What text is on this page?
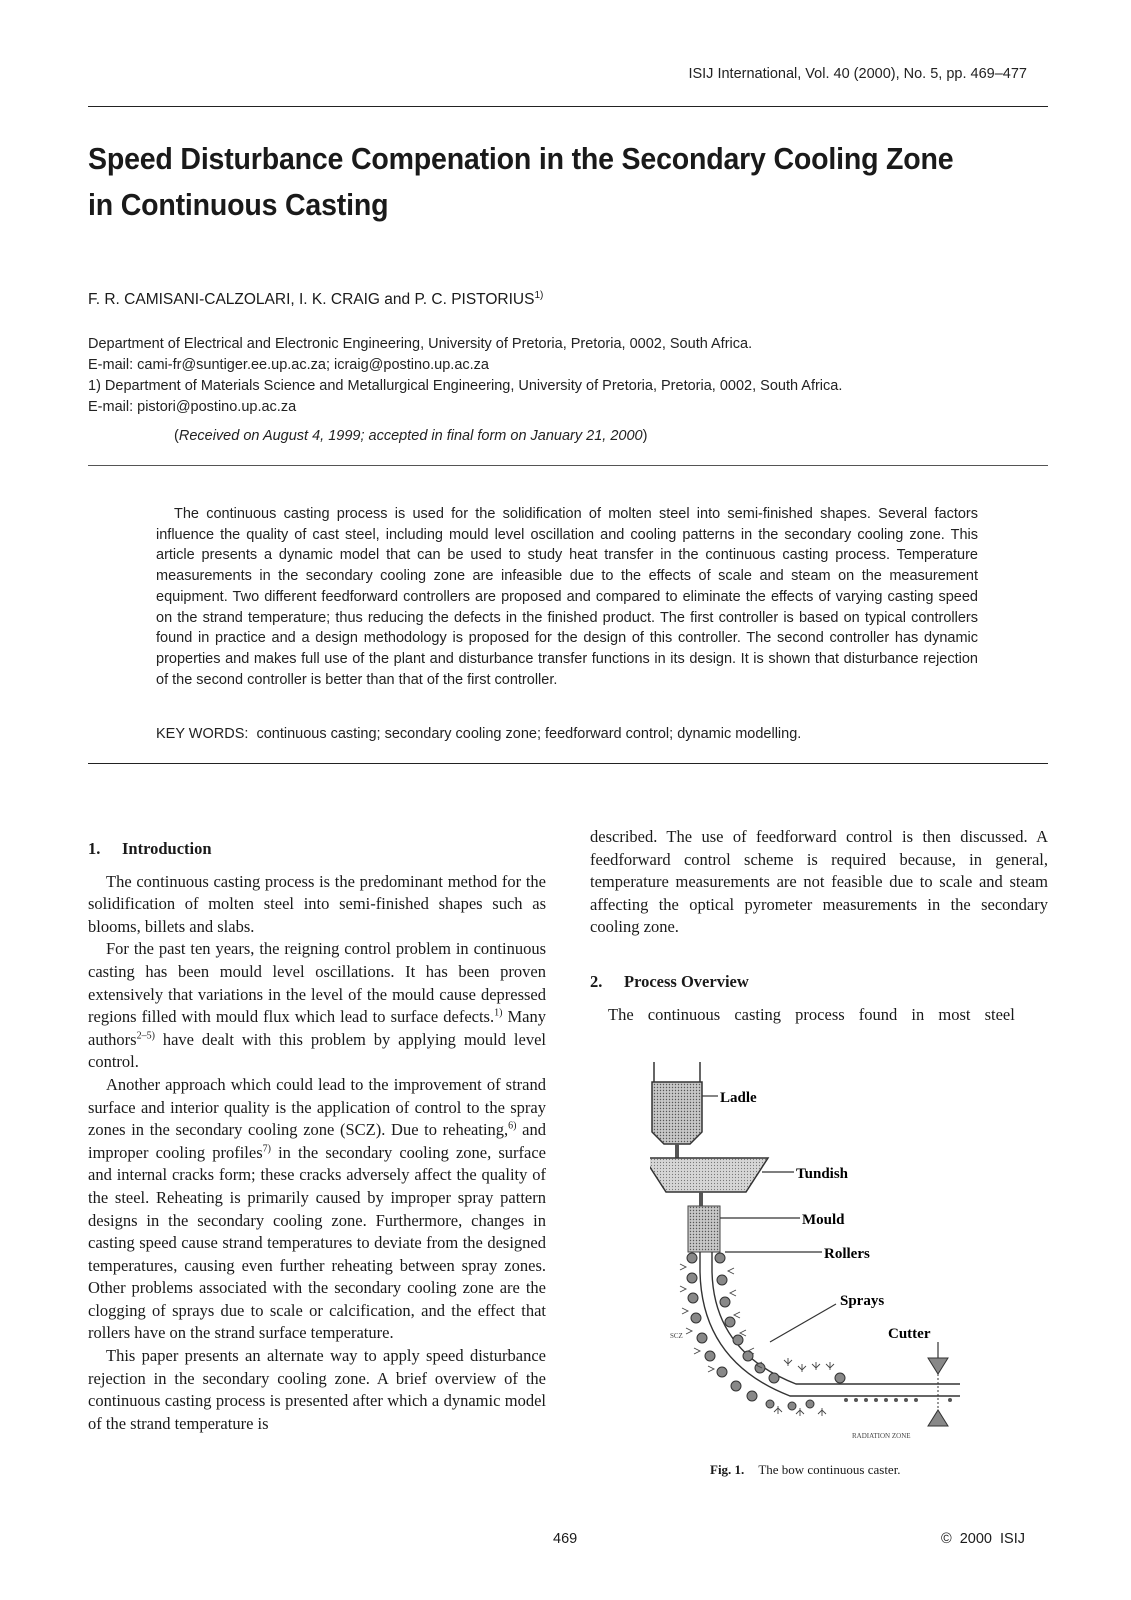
ISIJ International, Vol. 40 (2000), No. 5, pp. 469–477
Speed Disturbance Compenation in the Secondary Cooling Zone
in Continuous Casting
F. R. CAMISANI-CALZOLARI, I. K. CRAIG and P. C. PISTORIUS$^{1)}$
Department of Electrical and Electronic Engineering, University of Pretoria, Pretoria, 0002, South Africa.
E-mail: cami-fr@suntiger.ee.up.ac.za; icraig@postino.up.ac.za
1) Department of Materials Science and Metallurgical Engineering, University of Pretoria, Pretoria, 0002, South Africa.
E-mail: pistori@postino.up.ac.za
(Received on August 4, 1999; accepted in final form on January 21, 2000)
The continuous casting process is used for the solidification of molten steel into semi-finished shapes. Several factors influence the quality of cast steel, including mould level oscillation and cooling patterns in the secondary cooling zone. This article presents a dynamic model that can be used to study heat transfer in the continuous casting process. Temperature measurements in the secondary cooling zone are infeasible due to the effects of scale and steam on the measurement equipment. Two different feedforward controllers are proposed and compared to eliminate the effects of varying casting speed on the strand temperature; thus reducing the defects in the finished product. The first controller is based on typical controllers found in practice and a design methodology is proposed for the design of this controller. The second controller has dynamic properties and makes full use of the plant and disturbance transfer functions in its design. It is shown that disturbance rejection of the second controller is better than that of the first controller.
KEY WORDS: continuous casting; secondary cooling zone; feedforward control; dynamic modelling.
1. Introduction

The continuous casting process is the predominant method for the solidification of molten steel into semi-finished shapes such as blooms, billets and slabs.

For the past ten years, the reigning control problem in continuous casting has been mould level oscillations. It has been proven extensively that variations in the level of the mould cause depressed regions filled with mould flux which lead to surface defects.$^{1)}$ Many authors$^{2-5)}$ have dealt with this problem by applying mould level control.

Another approach which could lead to the improvement of strand surface and interior quality is the application of control to the spray zones in the secondary cooling zone (SCZ). Due to reheating,$^{6)}$ and improper cooling profiles$^{7)}$ in the secondary cooling zone, surface and internal cracks form; these cracks adversely affect the quality of the steel. Reheating is primarily caused by improper spray pattern designs in the secondary cooling zone. Furthermore, changes in casting speed cause strand temperatures to deviate from the designed temperatures, causing even further reheating between spray zones. Other problems associated with the secondary cooling zone are the clogging of sprays due to scale or calcification, and the effect that rollers have on the strand surface temperature.

This paper presents an alternate way to apply speed disturbance rejection in the secondary cooling zone. A brief overview of the continuous casting process is presented after which a dynamic model of the strand temperature is

described. The use of feedforward control is then discussed. A feedforward control scheme is required because, in general, temperature measurements are not feasible due to scale and steam affecting the optical pyrometer measurements in the secondary cooling zone.

2. Process Overview

The continuous casting process found in most steel

Ladle
Tundish
Mould
Rollers
Sprays
Cutter
SCZ
RADIATION ZONE
Fig. 1. The bow continuous caster.
469	© 2000 ISIJ
